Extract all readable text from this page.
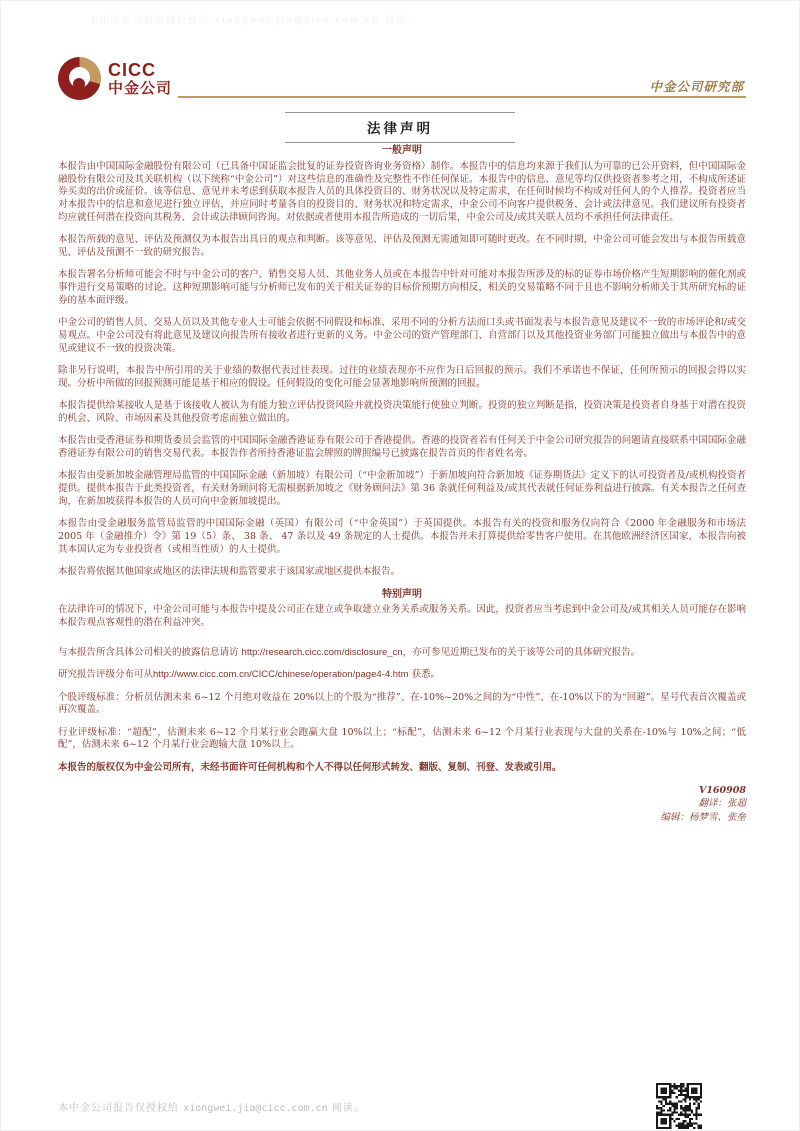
本中金公司报告仅授权给 xiongwei.jia@cicc.com.cn 阅读。
CICC
中金公司	中金公司研究部
法律声明
一般声明
本报告由中国国际金融股份有限公司（已具备中国证监会批复的证券投资咨询业务资格）制作。本报告中的信息均来源于我们认为可靠的已公开资料，但中国国际金融股份有限公司及其关联机构（以下统称“中金公司”）对这些信息的准确性及完整性不作任何保证。本报告中的信息、意见等均仅供投资者参考之用，不构成所述证券买卖的出价或征价。该等信息、意见并未考虑到获取本报告人员的具体投资目的、财务状况以及特定需求，在任何时候均不构成对任何人的个人推荐。投资者应当对本报告中的信息和意见进行独立评估，并应同时考量各自的投资目的、财务状况和特定需求，中金公司不向客户提供税务、会计或法律意见。我们建议所有投资者均应就任何潜在投资向其税务、会计或法律顾问咨询。对依据或者使用本报告所造成的一切后果，中金公司及/或其关联人员均不承担任何法律责任。
本报告所载的意见、评估及预测仅为本报告出具日的观点和判断。该等意见、评估及预测无需通知即可随时更改。在不同时期，中金公司可能会发出与本报告所载意见、评估及预测不一致的研究报告。
本报告署名分析师可能会不时与中金公司的客户、销售交易人员、其他业务人员或在本报告中针对可能对本报告所涉及的标的证券市场价格产生短期影响的催化剂或事件进行交易策略的讨论。这种短期影响可能与分析师已发布的关于相关证券的目标价预期方向相反，相关的交易策略不同于且也不影响分析师关于其所研究标的证券的基本面评级。
中金公司的销售人员、交易人员以及其他专业人士可能会依据不同假设和标准、采用不同的分析方法而口头或书面发表与本报告意见及建议不一致的市场评论和/或交易观点。中金公司没有将此意见及建议向报告所有接收者进行更新的义务。中金公司的资产管理部门、自营部门以及其他投资业务部门可能独立做出与本报告中的意见或建议不一致的投资决策。
除非另行说明，本报告中所引用的关于业绩的数据代表过往表现。过往的业绩表现亦不应作为日后回报的预示。我们不承诺也不保证，任何所预示的回报会得以实现。分析中所做的回报预测可能是基于相应的假设。任何假设的变化可能会显著地影响所预测的回报。
本报告提供给某接收人是基于该接收人被认为有能力独立评估投资风险并就投资决策能行使独立判断。投资的独立判断是指，投资决策是投资者自身基于对潜在投资的机会、风险、市场因素及其他投资考虑而独立做出的。
本报告由受香港证券和期货委员会监管的中国国际金融香港证券有限公司于香港提供。香港的投资者若有任何关于中金公司研究报告的问题请直接联系中国国际金融香港证券有限公司的销售交易代表。本报告作者所持香港证监会牌照的牌照编号已披露在报告首页的作者姓名旁。
本报告由受新加坡金融管理局监管的中国国际金融（新加坡）有限公司（“中金新加坡”）于新加坡向符合新加坡《证券期货法》定义下的认可投资者及/或机构投资者提供。提供本报告于此类投资者，有关财务顾问将无需根据新加坡之《财务顾问法》第 36 条就任何利益及/或其代表就任何证券利益进行披露。有关本报告之任何查询，在新加坡获得本报告的人员可向中金新加坡提出。
本报告由受金融服务监管局监管的中国国际金融（英国）有限公司（“中金英国”）于英国提供。本报告有关的投资和服务仅向符合《2000 年金融服务和市场法 2005 年（金融推介）令》第 19（5）条、 38 条、 47 条以及 49 条规定的人士提供。本报告并未打算提供给零售客户使用。在其他欧洲经济区国家，本报告向被其本国认定为专业投资者（或相当性质）的人士提供。
本报告将依据其他国家或地区的法律法规和监管要求于该国家或地区提供本报告。
特别声明
在法律许可的情况下，中金公司可能与本报告中提及公司正在建立或争取建立业务关系或服务关系。因此，投资者应当考虑到中金公司及/或其相关人员可能存在影响本报告观点客观性的潜在利益冲突。
与本报告所含具体公司相关的披露信息请访 http://research.cicc.com/disclosure_cn，亦可参见近期已发布的关于该等公司的具体研究报告。
研究报告评级分布可从http://www.cicc.com.cn/CICC/chinese/operation/page4-4.htm 获悉。
个股评级标准：分析员估测未来 6~12 个月绝对收益在 20%以上的个股为“推荐”、在-10%~20%之间的为“中性”、在-10%以下的为“回避”。星号代表首次覆盖或再次覆盖。
行业评级标准：“超配”，估测未来 6~12 个月某行业会跑赢大盘 10%以上；“标配”，估测未来 6~12 个月某行业表现与大盘的关系在-10%与 10%之间；“低配”，估测未来 6~12 个月某行业会跑输大盘 10%以上。
本报告的版权仅为中金公司所有，未经书面许可任何机构和个人不得以任何形式转发、翻版、复制、刊登、发表或引用。
V160908
翻译：张超
编辑：杨梦雪、张垒
本中金公司报告仅授权给 xiongwei.jia@cicc.com.cn 阅读。
